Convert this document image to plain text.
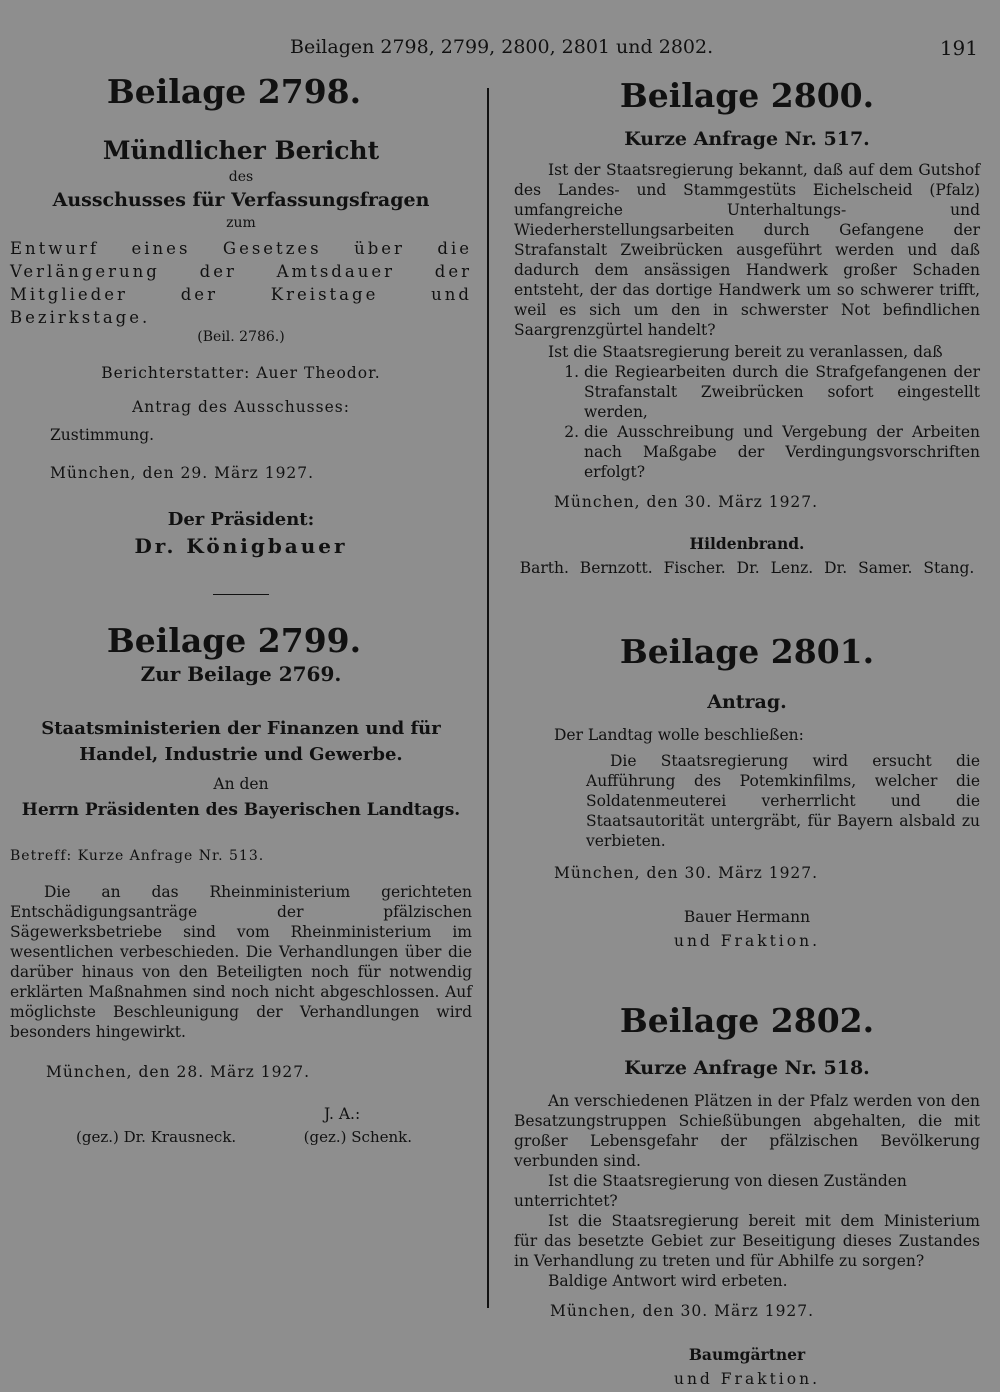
Beilagen 2798, 2799, 2800, 2801 und 2802.	191

Beilage 2798.

Mündlicher Bericht

des

Ausschusses für Verfassungsfragen

zum

Entwurf eines Gesetzes über die Verlängerung der Amtsdauer der Mitglieder der Kreistage und Bezirkstage.

(Beil. 2786.)

Berichterstatter: Auer Theodor.

Antrag des Ausschusses:

Zustimmung.

München, den 29. März 1927.

Der Präsident:

Dr. Königbauer

Beilage 2799.

Zur Beilage 2769.

Staatsministerien der Finanzen und für Handel, Industrie und Gewerbe.

An den

Herrn Präsidenten des Bayerischen Landtags.

Betreff: Kurze Anfrage Nr. 513.

Die an das Rheinministerium gerichteten Entschädigungsanträge der pfälzischen Sägewerksbetriebe sind vom Rheinministerium im wesentlichen verbeschieden. Die Verhandlungen über die darüber hinaus von den Beteiligten noch für notwendig erklärten Maßnahmen sind noch nicht abgeschlossen. Auf möglichste Beschleunigung der Verhandlungen wird besonders hingewirkt.

München, den 28. März 1927.

J. A.:

(gez.) Dr. Krausneck.	(gez.) Schenk.

Beilage 2800.

Kurze Anfrage Nr. 517.

Ist der Staatsregierung bekannt, daß auf dem Gutshof des Landes- und Stammgestüts Eichelscheid (Pfalz) umfangreiche Unterhaltungs- und Wiederherstellungsarbeiten durch Gefangene der Strafanstalt Zweibrücken ausgeführt werden und daß dadurch dem ansässigen Handwerk großer Schaden entsteht, der das dortige Handwerk um so schwerer trifft, weil es sich um den in schwerster Not befindlichen Saargrenzgürtel handelt?

Ist die Staatsregierung bereit zu veranlassen, daß

1. die Regiearbeiten durch die Strafgefangenen der Strafanstalt Zweibrücken sofort eingestellt werden,
2. die Ausschreibung und Vergebung der Arbeiten nach Maßgabe der Verdingungsvorschriften erfolgt?

München, den 30. März 1927.

Hildenbrand.

Barth. Bernzott. Fischer. Dr. Lenz. Dr. Samer. Stang.

Beilage 2801.

Antrag.

Der Landtag wolle beschließen:

Die Staatsregierung wird ersucht die Aufführung des Potemkinfilms, welcher die Soldatenmeuterei verherrlicht und die Staatsautorität untergräbt, für Bayern alsbald zu verbieten.

München, den 30. März 1927.

Bauer Hermann

und Fraktion.

Beilage 2802.

Kurze Anfrage Nr. 518.

An verschiedenen Plätzen in der Pfalz werden von den Besatzungstruppen Schießübungen abgehalten, die mit großer Lebensgefahr der pfälzischen Bevölkerung verbunden sind.

Ist die Staatsregierung von diesen Zuständen unterrichtet?

Ist die Staatsregierung bereit mit dem Ministerium für das besetzte Gebiet zur Beseitigung dieses Zustandes in Verhandlung zu treten und für Abhilfe zu sorgen?

Baldige Antwort wird erbeten.

München, den 30. März 1927.

Baumgärtner

und Fraktion.
